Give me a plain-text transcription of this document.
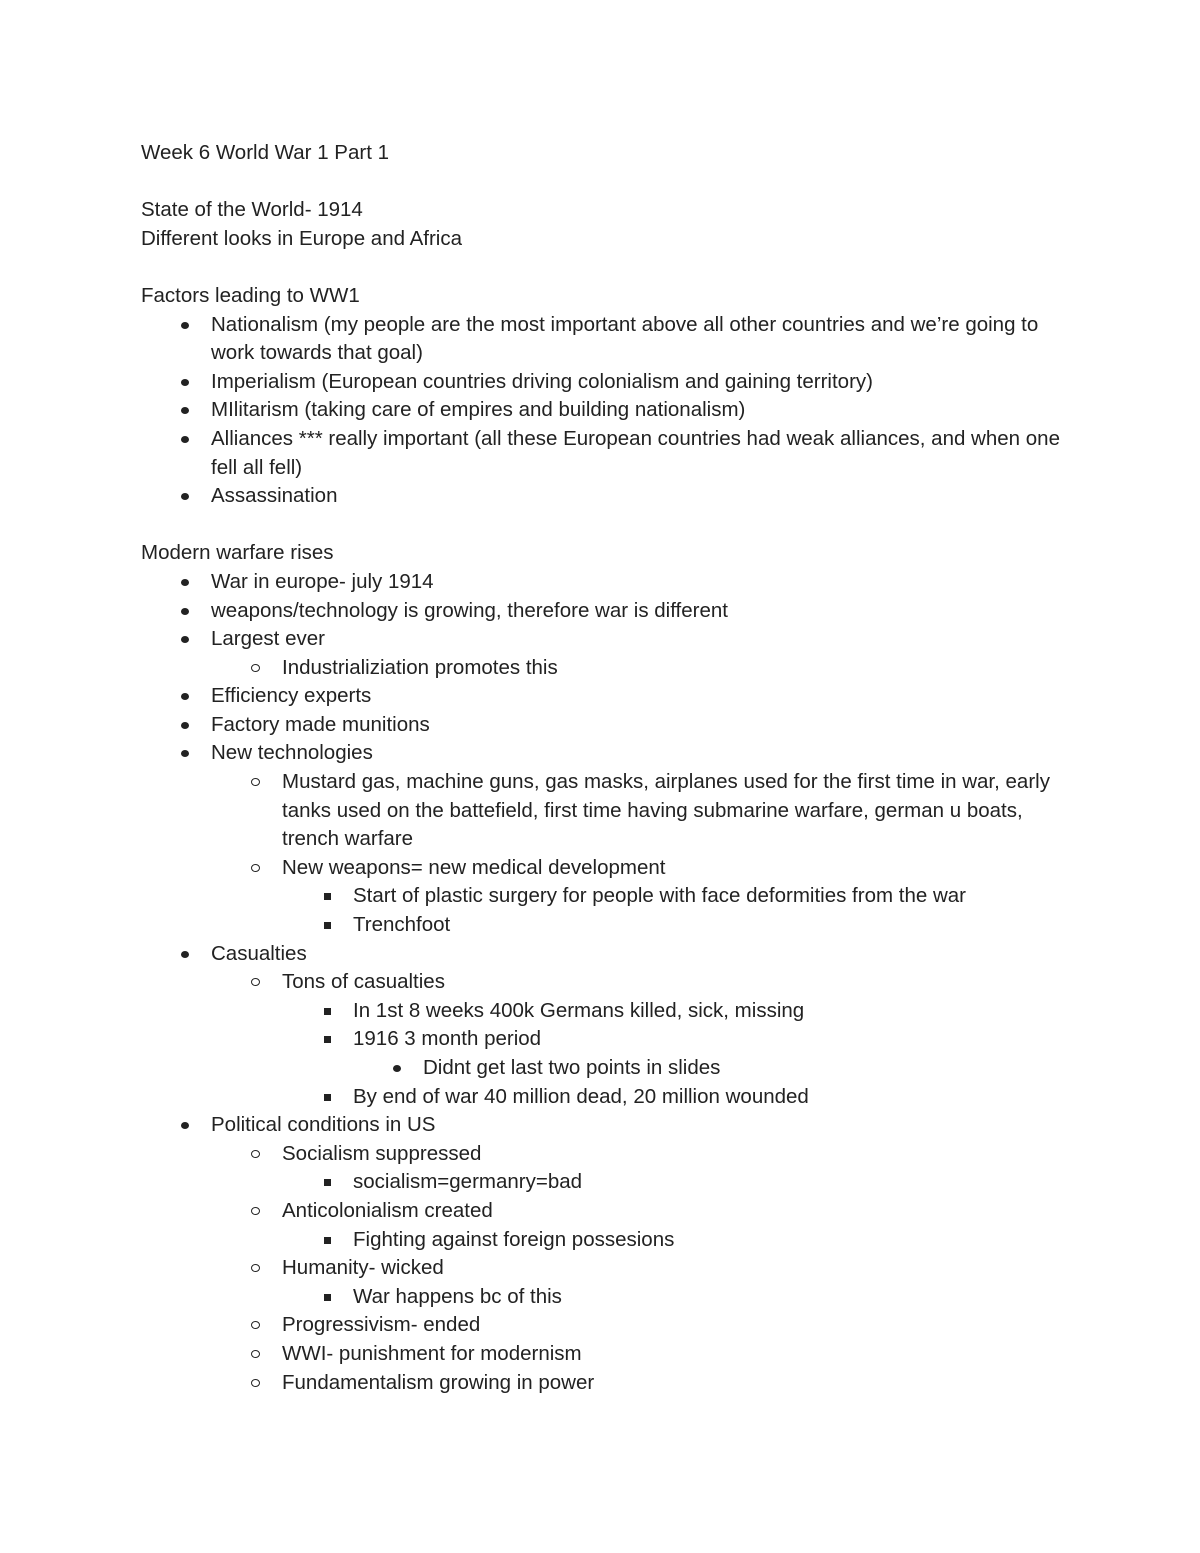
Week 6 World War 1 Part 1

State of the World- 1914

Different looks in Europe and Africa

Factors leading to WW1

Nationalism (my people are the most important above all other countries and we’re going to work towards that goal)
Imperialism (European countries driving colonialism and gaining territory)
MIlitarism (taking care of empires and building nationalism)
Alliances *** really important (all these European countries had weak alliances, and when one fell all fell)
Assassination

Modern warfare rises

War in europe- july 1914
weapons/technology is growing, therefore war is different
Largest ever
Industrializiation promotes this
Efficiency experts
Factory made munitions
New technologies
Mustard gas, machine guns, gas masks, airplanes used for the first time in war, early tanks used on the battefield, first time having submarine warfare, german u boats, trench warfare
New weapons= new medical development
Start of plastic surgery for people with face deformities from the war
Trenchfoot
Casualties
Tons of casualties
In 1st 8 weeks 400k Germans killed, sick, missing
1916 3 month period
Didnt get last two points in slides
By end of war 40 million dead, 20 million wounded
Political conditions in US
Socialism suppressed
socialism=germanry=bad
Anticolonialism created
Fighting against foreign possesions
Humanity- wicked
War happens bc of this
Progressivism- ended
WWI- punishment for modernism
Fundamentalism growing in power
